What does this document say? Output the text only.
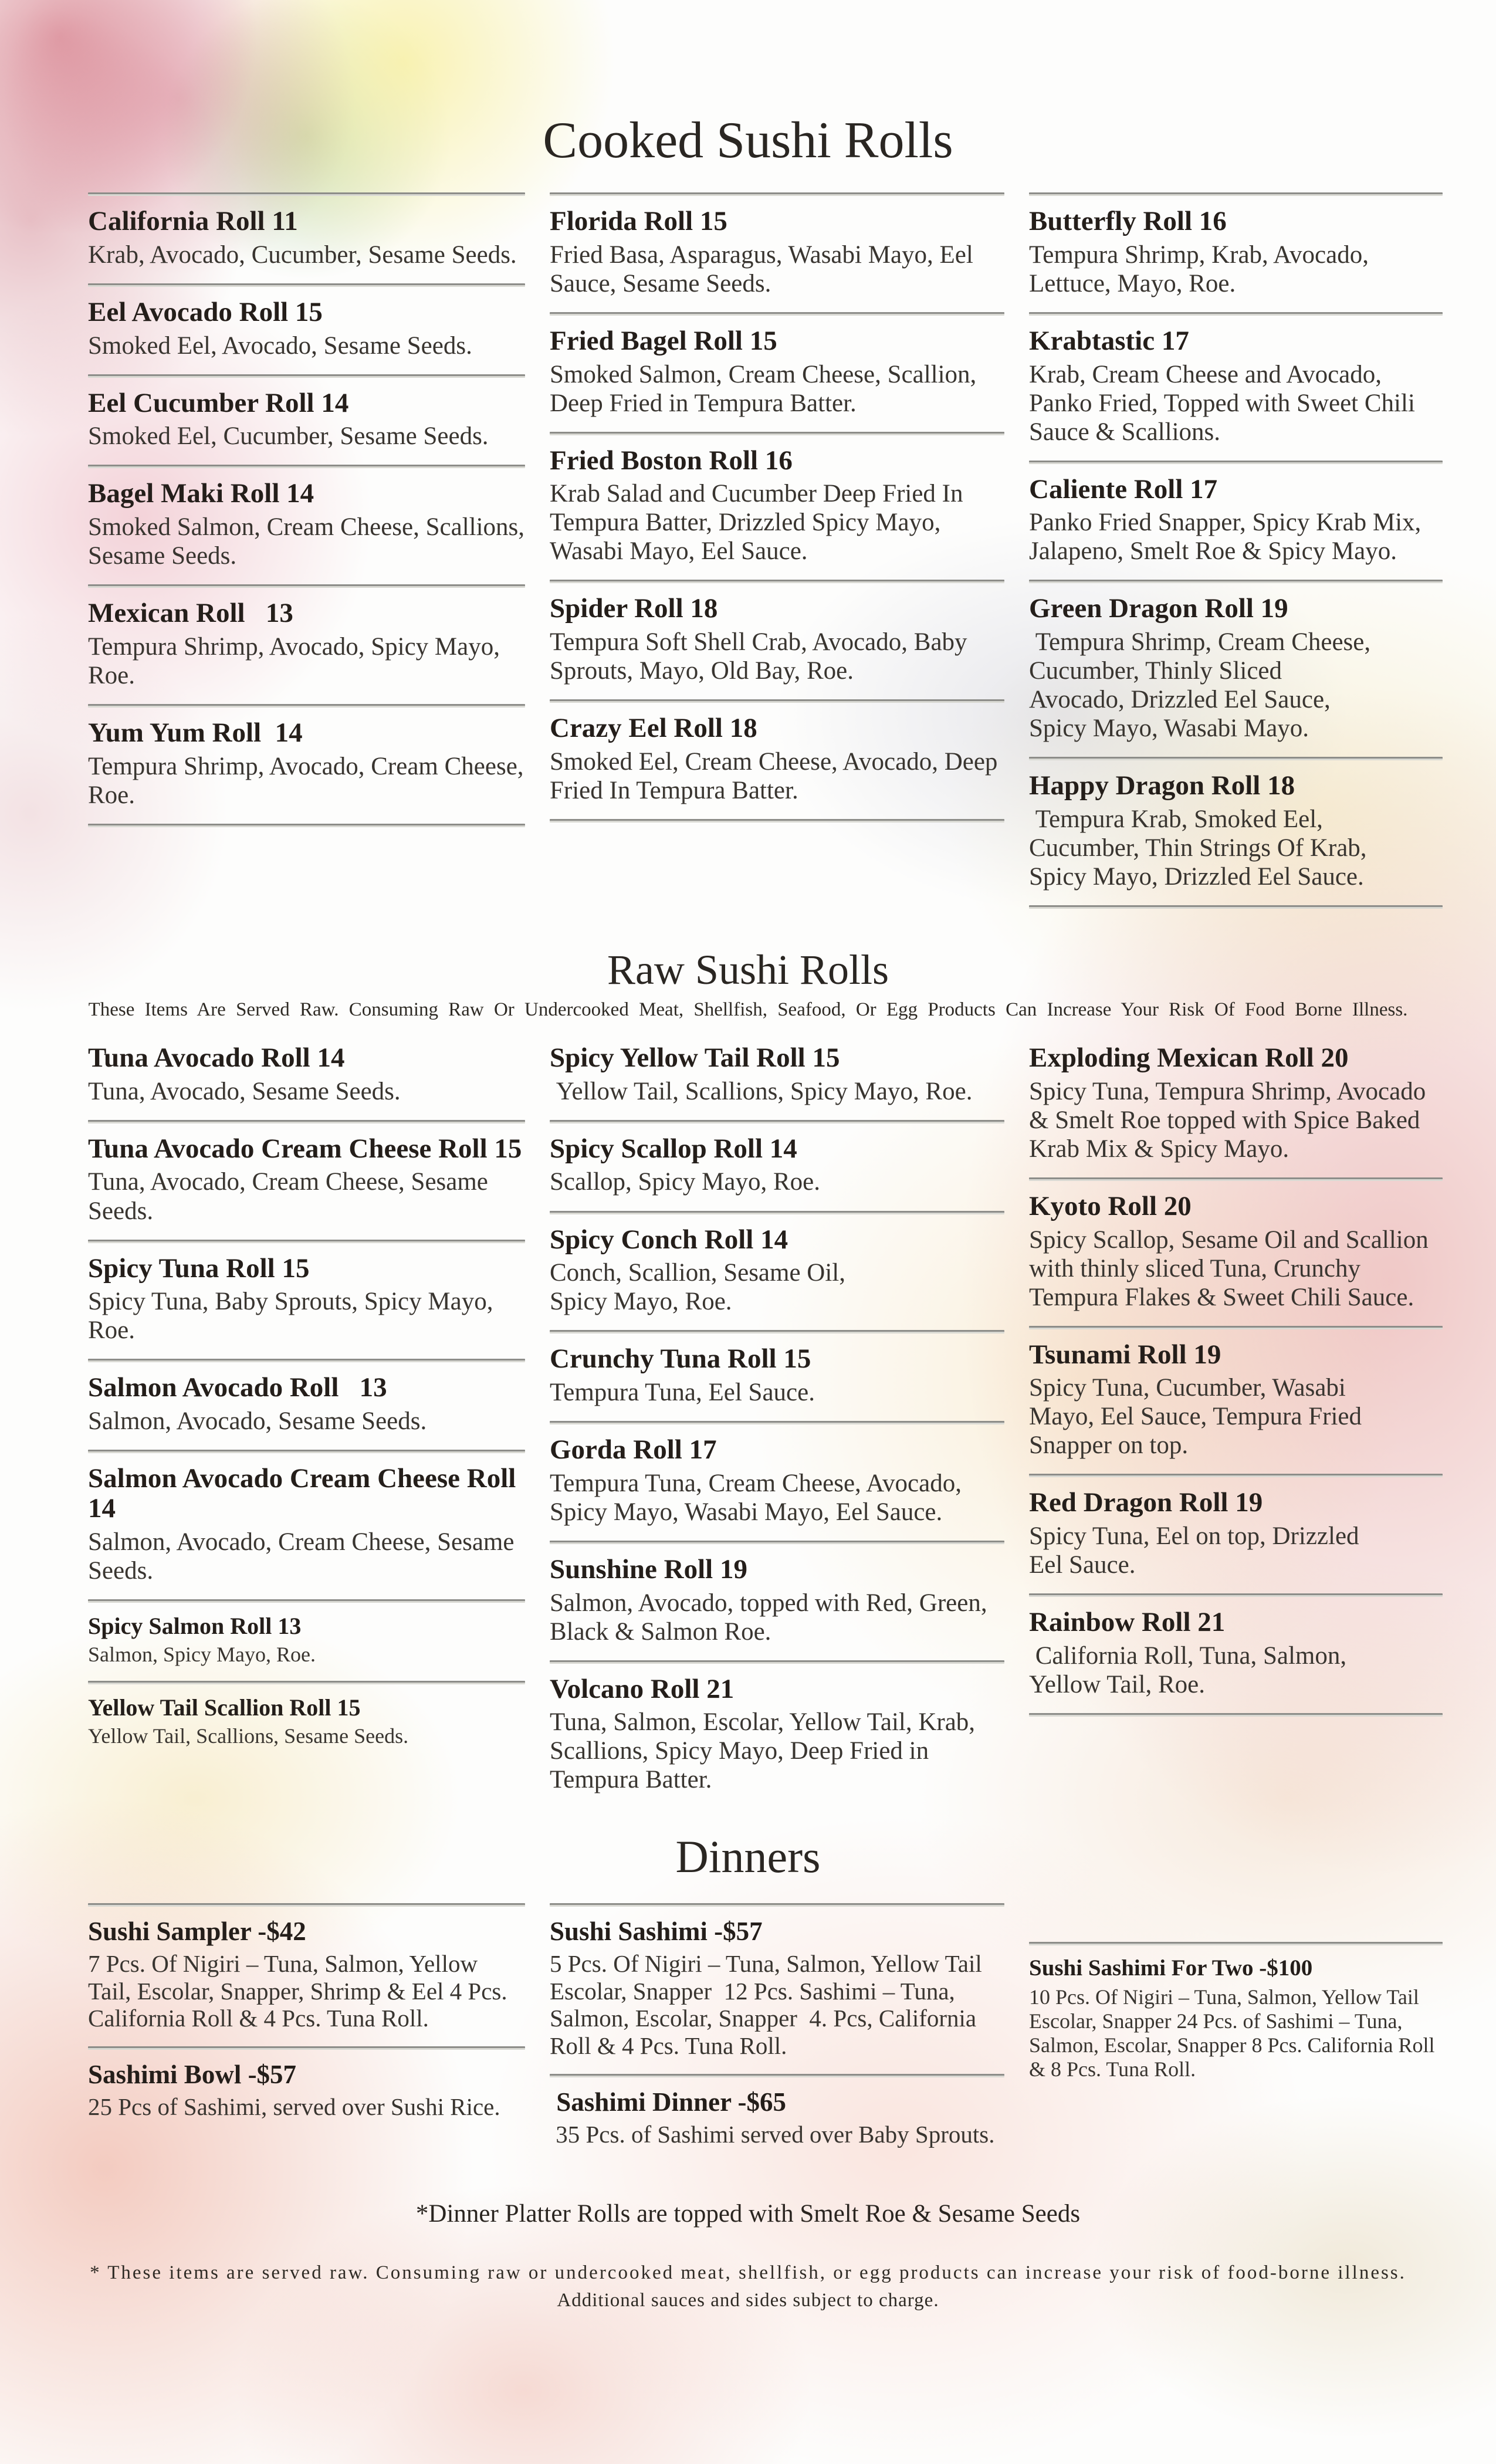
Cooked Sushi Rolls
California Roll 11
Krab, Avocado, Cucumber, Sesame Seeds.
Eel Avocado Roll 15
Smoked Eel, Avocado, Sesame Seeds.
Eel Cucumber Roll 14
Smoked Eel, Cucumber, Sesame Seeds.
Bagel Maki Roll 14
Smoked Salmon, Cream Cheese, Scallions, Sesame Seeds.
Mexican Roll   13
Tempura Shrimp, Avocado, Spicy Mayo, Roe.
Yum Yum Roll  14
Tempura Shrimp, Avocado, Cream Cheese, Roe.
Florida Roll 15
Fried Basa, Asparagus, Wasabi Mayo, Eel Sauce, Sesame Seeds.
Fried Bagel Roll 15
Smoked Salmon, Cream Cheese, Scallion, Deep Fried in Tempura Batter.
Fried Boston Roll 16
Krab Salad and Cucumber Deep Fried In Tempura Batter, Drizzled Spicy Mayo, Wasabi Mayo, Eel Sauce.
Spider Roll 18
Tempura Soft Shell Crab, Avocado, Baby Sprouts, Mayo, Old Bay, Roe.
Crazy Eel Roll 18
Smoked Eel, Cream Cheese, Avocado, Deep Fried In Tempura Batter.
Butterfly Roll 16
Tempura Shrimp, Krab, Avocado, Lettuce, Mayo, Roe.
Krabtastic 17
Krab, Cream Cheese and Avocado, Panko Fried, Topped with Sweet Chili Sauce & Scallions.
Caliente Roll 17
Panko Fried Snapper, Spicy Krab Mix, Jalapeno, Smelt Roe & Spicy Mayo.
Green Dragon Roll 19
Tempura Shrimp, Cream Cheese, Cucumber, Thinly Sliced Avocado, Drizzled Eel Sauce, Spicy Mayo, Wasabi Mayo.
Happy Dragon Roll 18
Tempura Krab, Smoked Eel, Cucumber, Thin Strings Of Krab, Spicy Mayo, Drizzled Eel Sauce.
Raw Sushi Rolls
These Items Are Served Raw. Consuming Raw Or Undercooked Meat, Shellfish, Seafood, Or Egg Products Can Increase Your Risk Of Food Borne Illness.
Tuna Avocado Roll 14
Tuna, Avocado, Sesame Seeds.
Tuna Avocado Cream Cheese Roll 15
Tuna, Avocado, Cream Cheese, Sesame Seeds.
Spicy Tuna Roll 15
Spicy Tuna, Baby Sprouts, Spicy Mayo, Roe.
Salmon Avocado Roll   13
Salmon, Avocado, Sesame Seeds.
Salmon Avocado Cream Cheese Roll 14
Salmon, Avocado, Cream Cheese, Sesame Seeds.
Spicy Salmon Roll 13
Salmon, Spicy Mayo, Roe.
Yellow Tail Scallion Roll 15
Yellow Tail, Scallions, Sesame Seeds.
Spicy Yellow Tail Roll 15
Yellow Tail, Scallions, Spicy Mayo, Roe.
Spicy Scallop Roll 14
Scallop, Spicy Mayo, Roe.
Spicy Conch Roll 14
Conch, Scallion, Sesame Oil, Spicy Mayo, Roe.
Crunchy Tuna Roll 15
Tempura Tuna, Eel Sauce.
Gorda Roll 17
Tempura Tuna, Cream Cheese, Avocado, Spicy Mayo, Wasabi Mayo, Eel Sauce.
Sunshine Roll 19
Salmon, Avocado, topped with Red, Green, Black & Salmon Roe.
Volcano Roll 21
Tuna, Salmon, Escolar, Yellow Tail, Krab, Scallions, Spicy Mayo, Deep Fried in Tempura Batter.
Exploding Mexican Roll 20
Spicy Tuna, Tempura Shrimp, Avocado & Smelt Roe topped with Spice Baked Krab Mix & Spicy Mayo.
Kyoto Roll 20
Spicy Scallop, Sesame Oil and Scallion with thinly sliced Tuna, Crunchy Tempura Flakes & Sweet Chili Sauce.
Tsunami Roll 19
Spicy Tuna, Cucumber, Wasabi Mayo, Eel Sauce, Tempura Fried Snapper on top.
Red Dragon Roll 19
Spicy Tuna, Eel on top, Drizzled Eel Sauce.
Rainbow Roll 21
California Roll, Tuna, Salmon, Yellow Tail, Roe.
Dinners
Sushi Sampler -$42
7 Pcs. Of Nigiri – Tuna, Salmon, Yellow Tail, Escolar, Snapper, Shrimp & Eel 4 Pcs. California Roll & 4 Pcs. Tuna Roll.
Sashimi Bowl -$57
25 Pcs of Sashimi, served over Sushi Rice.
Sushi Sashimi -$57
5 Pcs. Of Nigiri – Tuna, Salmon, Yellow Tail Escolar, Snapper  12 Pcs. Sashimi – Tuna, Salmon, Escolar, Snapper  4. Pcs, California Roll & 4 Pcs. Tuna Roll.
Sashimi Dinner -$65
35 Pcs. of Sashimi served over Baby Sprouts.
Sushi Sashimi For Two -$100
10 Pcs. Of Nigiri – Tuna, Salmon, Yellow Tail Escolar, Snapper 24 Pcs. of Sashimi – Tuna, Salmon, Escolar, Snapper 8 Pcs. California Roll & 8 Pcs. Tuna Roll.
*Dinner Platter Rolls are topped with Smelt Roe & Sesame Seeds
* These items are served raw. Consuming raw or undercooked meat, shellfish, or egg products can increase your risk of food-borne illness.
Additional sauces and sides subject to charge.
